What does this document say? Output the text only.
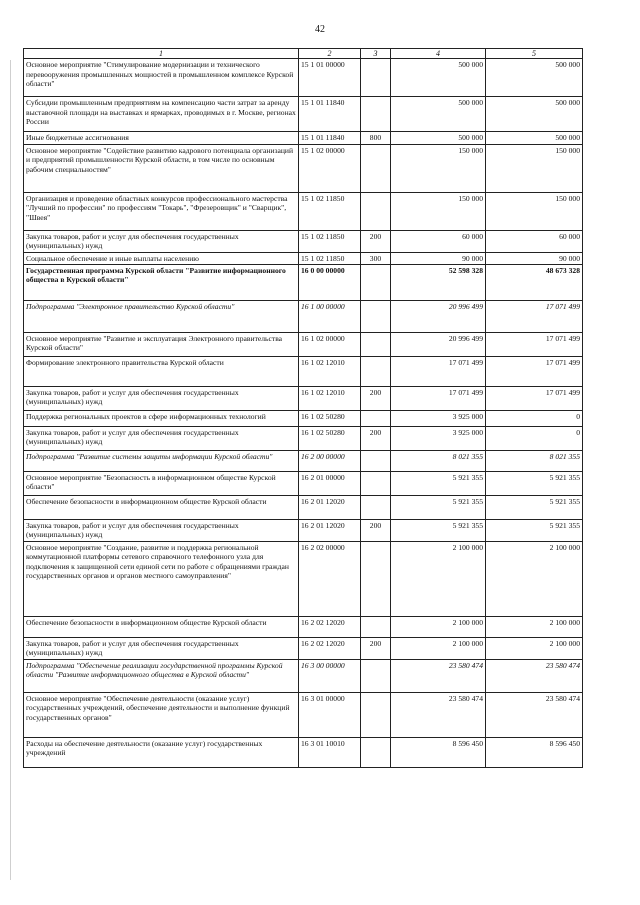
42
1	2	3	4	5
Основное мероприятие "Стимулирование модернизации и технического перевооружения промышленных мощностей в промышленном комплексе Курской области"	15 1 01 00000		500 000	500 000
Субсидии промышленным предприятиям на компенсацию части затрат за аренду выставочной площади на выставках и ярмарках, проводимых в г. Москве, регионах России	15 1 01 11840		500 000	500 000
Иные бюджетные ассигнования	15 1 01 11840	800	500 000	500 000
Основное мероприятие "Содействие развитию кадрового потенциала организаций и предприятий промышленности Курской области, в том числе по основным рабочим специальностям"	15 1 02 00000		150 000	150 000
Организация и проведение областных конкурсов профессионального мастерства "Лучший по профессии" по профессиям "Токарь", "Фрезеровщик" и "Сварщик", "Швея"	15 1 02 11850		150 000	150 000
Закупка товаров, работ и услуг для обеспечения государственных (муниципальных) нужд	15 1 02 11850	200	60 000	60 000
Социальное обеспечение и иные выплаты населению	15 1 02 11850	300	90 000	90 000
Государственная программа Курской области "Развитие информационного общества в Курской области"	16 0 00 00000		52 598 328	48 673 328
Подпрограмма "Электронное правительство Курской области"	16 1 00 00000		20 996 499	17 071 499
Основное мероприятие "Развитие и эксплуатация Электронного правительства Курской области"	16 1 02 00000		20 996 499	17 071 499
Формирование электронного правительства Курской области	16 1 02 12010		17 071 499	17 071 499
Закупка товаров, работ и услуг для обеспечения государственных (муниципальных) нужд	16 1 02 12010	200	17 071 499	17 071 499
Поддержка региональных проектов в сфере информационных технологий	16 1 02 50280		3 925 000	0
Закупка товаров, работ и услуг для обеспечения государственных (муниципальных) нужд	16 1 02 50280	200	3 925 000	0
Подпрограмма "Развитие системы защиты информации Курской области"	16 2 00 00000		8 021 355	8 021 355
Основное мероприятие "Безопасность в информационном обществе Курской области"	16 2 01 00000		5 921 355	5 921 355
Обеспечение безопасности в информационном обществе Курской области	16 2 01 12020		5 921 355	5 921 355
Закупка товаров, работ и услуг для обеспечения государственных (муниципальных) нужд	16 2 01 12020	200	5 921 355	5 921 355
Основное мероприятие "Создание, развитие и поддержка региональной коммутационной платформы сетевого справочного телефонного узла для подключения к защищенной сети единой сети по работе с обращениями граждан государственных органов и органов местного самоуправления"	16 2 02 00000		2 100 000	2 100 000
Обеспечение безопасности в информационном обществе Курской области	16 2 02 12020		2 100 000	2 100 000
Закупка товаров, работ и услуг для обеспечения государственных (муниципальных) нужд	16 2 02 12020	200	2 100 000	2 100 000
Подпрограмма "Обеспечение реализации государственной программы Курской области "Развитие информационного общества в Курской области"	16 3 00 00000		23 580 474	23 580 474
Основное мероприятие "Обеспечение деятельности (оказание услуг) государственных учреждений, обеспечение деятельности и выполнение функций государственных органов"	16 3 01 00000		23 580 474	23 580 474
Расходы на обеспечение деятельности (оказание услуг) государственных учреждений	16 3 01 10010		8 596 450	8 596 450
